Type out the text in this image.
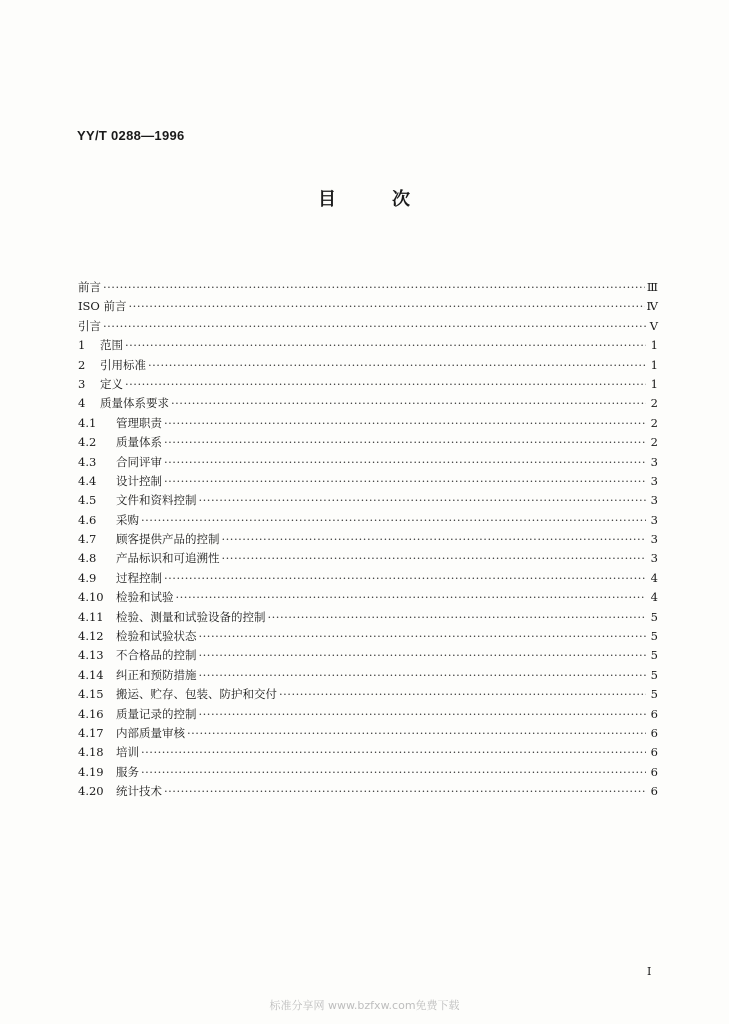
YY/T 0288—1996
目	次
前言 ·····	Ⅲ
ISO 前言 ·····	Ⅳ
引言 ·····	Ⅴ
1	范围 ·····	1
2	引用标准 ·····	1
3	定义 ·····	1
4	质量体系要求 ·····	2
4.1	管理职责 ·····	2
4.2	质量体系 ·····	2
4.3	合同评审 ·····	3
4.4	设计控制 ·····	3
4.5	文件和资料控制 ·····	3
4.6	采购 ·····	3
4.7	顾客提供产品的控制 ·····	3
4.8	产品标识和可追溯性 ·····	3
4.9	过程控制 ·····	4
4.10	检验和试验 ·····	4
4.11	检验、测量和试验设备的控制 ·····	5
4.12	检验和试验状态 ·····	5
4.13	不合格品的控制 ·····	5
4.14	纠正和预防措施 ·····	5
4.15	搬运、贮存、包装、防护和交付 ·····	5
4.16	质量记录的控制 ·····	6
4.17	内部质量审核 ·····	6
4.18	培训 ·····	6
4.19	服务 ·····	6
4.20	统计技术 ·····	6
I
标准分享网 www.bzfxw.com免费下载
